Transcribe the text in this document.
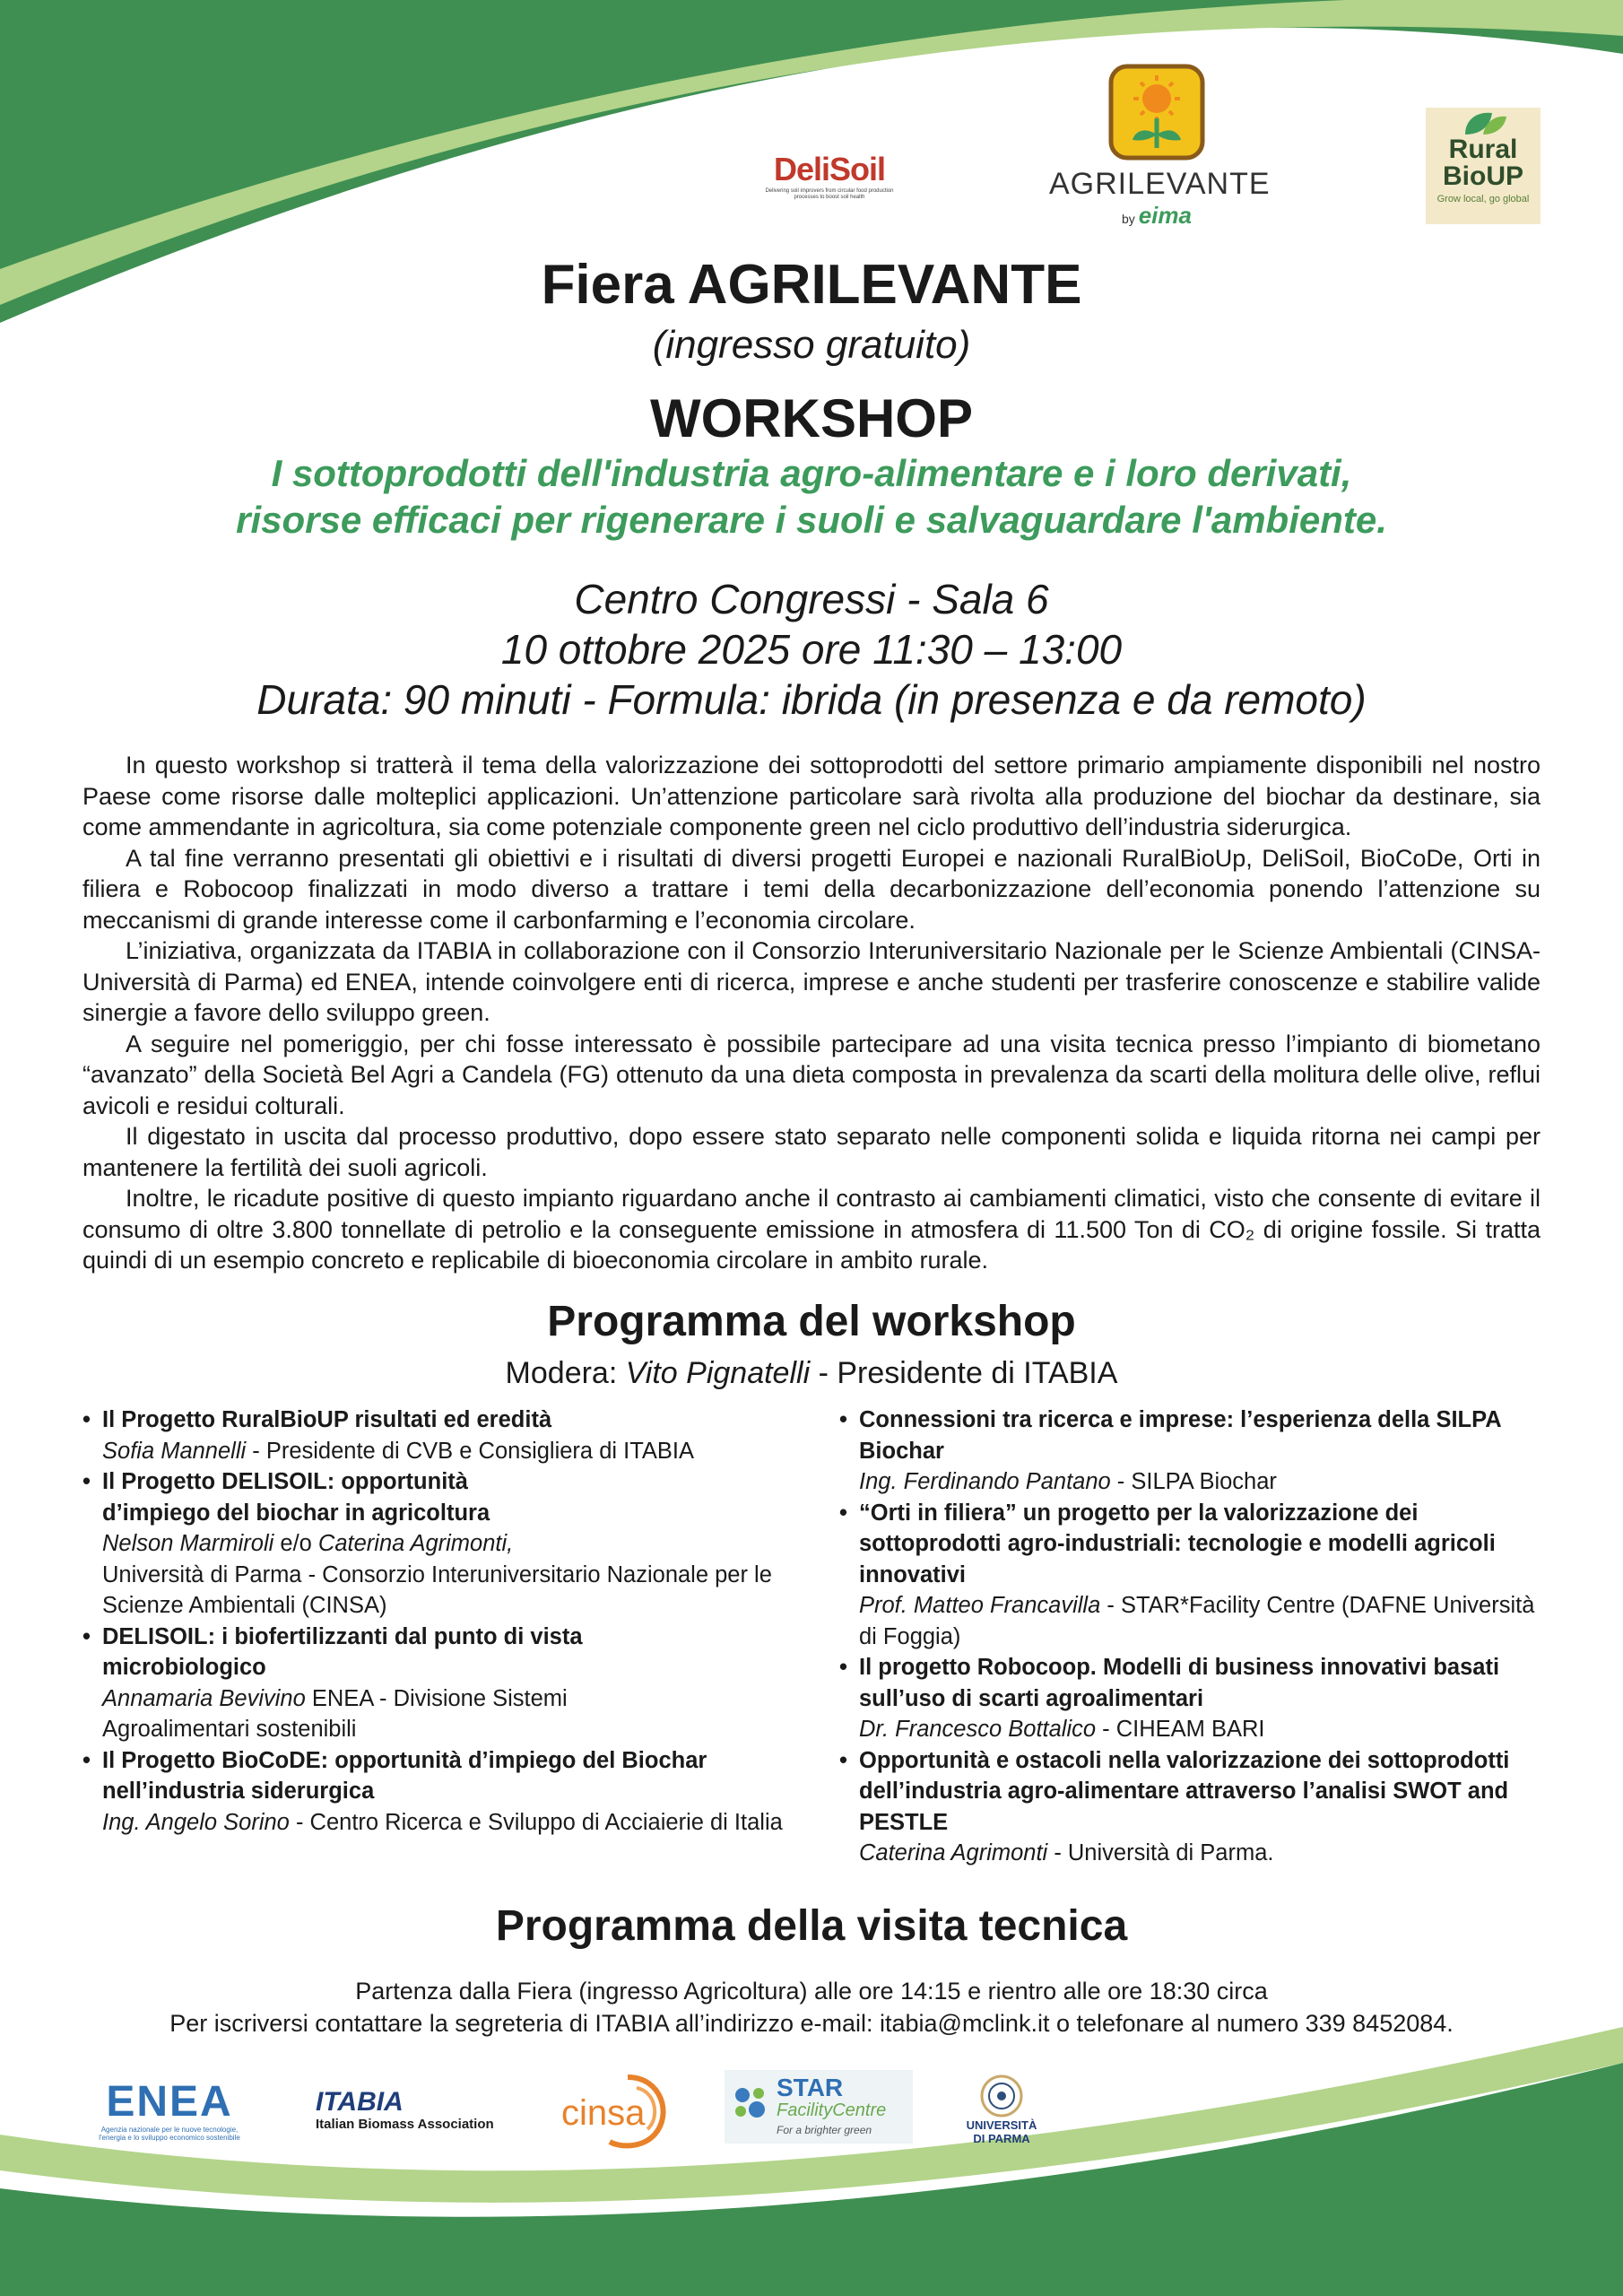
DeliSoil
Delivering soil improvers from circular food production processes to boost soil health	AGRILEVANTE
by eima
Rural
BioUP
Grow local, go global
Fiera AGRILEVANTE
(ingresso gratuito)
WORKSHOP
I sottoprodotti dell'industria agro-alimentare e i loro derivati,
risorse efficaci per rigenerare i suoli e salvaguardare l'ambiente.
Centro Congressi - Sala 6
10 ottobre 2025 ore 11:30 – 13:00
Durata: 90 minuti - Formula: ibrida (in presenza e da remoto)

In questo workshop si tratterà il tema della valorizzazione dei sottoprodotti del settore primario ampiamente disponibili nel nostro Paese come risorse dalle molteplici applicazioni. Un’attenzione particolare sarà rivolta alla produzione del biochar da destinare, sia come ammendante in agricoltura, sia come potenziale componente green nel ciclo produttivo dell’industria siderurgica.

A tal fine verranno presentati gli obiettivi e i risultati di diversi progetti Europei e nazionali RuralBioUp, DeliSoil, BioCoDe, Orti in filiera e Robocoop finalizzati in modo diverso a trattare i temi della decarbonizzazione dell’economia ponendo l’attenzione su meccanismi di grande interesse come il carbonfarming e l’economia circolare.

L’iniziativa, organizzata da ITABIA in collaborazione con il Consorzio Interuniversitario Nazionale per le Scienze Ambientali (CINSA- Università di Parma) ed ENEA, intende coinvolgere enti di ricerca, imprese e anche studenti per trasferire conoscenze e stabilire valide sinergie a favore dello sviluppo green.

A seguire nel pomeriggio, per chi fosse interessato è possibile partecipare ad una visita tecnica presso l’impianto di biometano “avanzato” della Società Bel Agri a Candela (FG) ottenuto da una dieta composta in prevalenza da scarti della molitura delle olive, reflui avicoli e residui colturali.

Il digestato in uscita dal processo produttivo, dopo essere stato separato nelle componenti solida e liquida ritorna nei campi per mantenere la fertilità dei suoli agricoli.

Inoltre, le ricadute positive di questo impianto riguardano anche il contrasto ai cambiamenti climatici, visto che consente di evitare il consumo di oltre 3.800 tonnellate di petrolio e la conseguente emissione in atmosfera di 11.500 Ton di CO₂ di origine fossile. Si tratta quindi di un esempio concreto e replicabile di bioeconomia circolare in ambito rurale.

Programma del workshop
Modera: Vito Pignatelli - Presidente di ITABIA
• Il Progetto RuralBioUP risultati ed eredità
Sofia Mannelli - Presidente di CVB e Consigliera di ITABIA
• Il Progetto DELISOIL: opportunità d’impiego del biochar in agricoltura
Nelson Marmiroli e/o Caterina Agrimonti,
Università di Parma - Consorzio Interuniversitario Nazionale per le Scienze Ambientali (CINSA)
• DELISOIL: i biofertilizzanti dal punto di vista microbiologico
Annamaria Bevivino ENEA - Divisione Sistemi Agroalimentari sostenibili
• Il Progetto BioCoDE: opportunità d’impiego del Biochar nell’industria siderurgica
Ing. Angelo Sorino - Centro Ricerca e Sviluppo di Acciaierie di Italia
• Connessioni tra ricerca e imprese: l’esperienza della SILPA Biochar
Ing. Ferdinando Pantano - SILPA Biochar
• “Orti in filiera” un progetto per la valorizzazione dei sottoprodotti agro-industriali: tecnologie e modelli agricoli innovativi
Prof. Matteo Francavilla - STAR*Facility Centre (DAFNE Università di Foggia)
• Il progetto Robocoop. Modelli di business innovativi basati sull’uso di scarti agroalimentari
Dr. Francesco Bottalico - CIHEAM BARI
• Opportunità e ostacoli nella valorizzazione dei sottoprodotti dell’industria agro-alimentare attraverso l’analisi SWOT and PESTLE
Caterina Agrimonti - Università di Parma.
Programma della visita tecnica
Partenza dalla Fiera (ingresso Agricoltura) alle ore 14:15 e rientro alle ore 18:30 circa
Per iscriversi contattare la segreteria di ITABIA all’indirizzo e-mail: itabia@mclink.it o telefonare al numero 339 8452084.
ENEA
Agenzia nazionale per le nuove tecnologie,
l'energia e lo sviluppo economico sostenibile
ITABIA
Italian Biomass Association cinsa
STAR
FacilityCentre
For a brighter green	UNIVERSITÀ
DI PARMA
